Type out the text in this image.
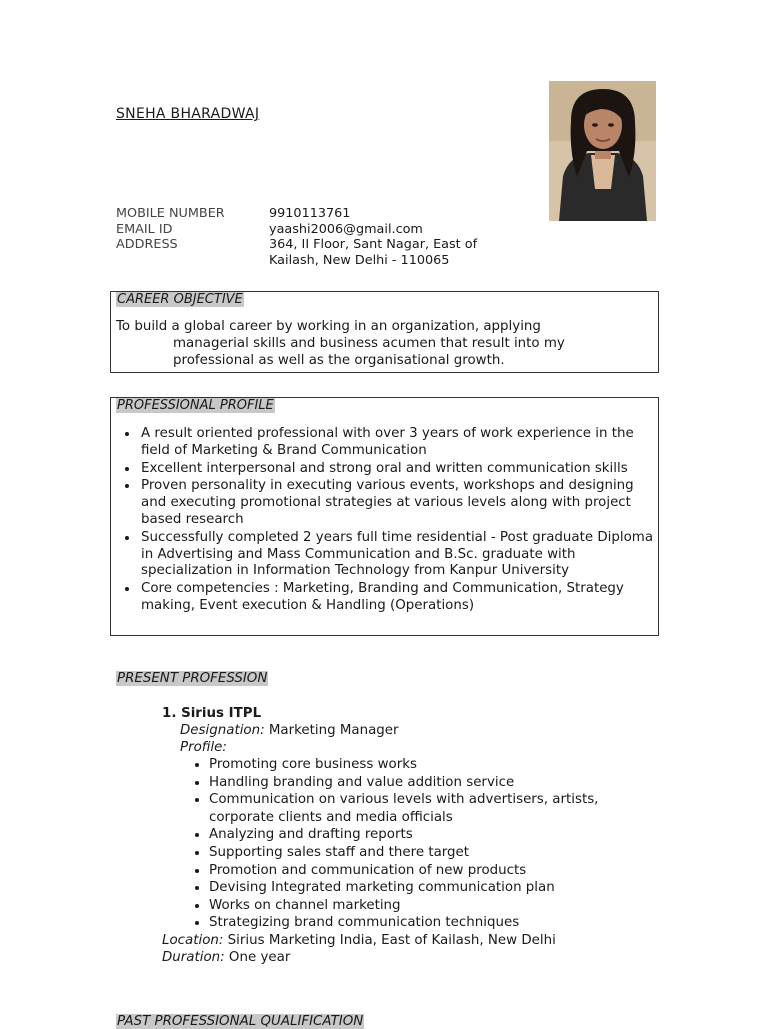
SNEHA BHARADWAJ
MOBILE NUMBER	9910113761
EMAIL ID	yaashi2006@gmail.com
ADDRESS	364, II Floor, Sant Nagar, East of
Kailash, New Delhi - 110065
CAREER OBJECTIVE
To build a global career by working in an organization, applying
managerial skills and business acumen that result into my
professional as well as the organisational growth.
PROFESSIONAL PROFILE
• A result oriented professional with over 3 years of work experience in the field of Marketing & Brand Communication
• Excellent interpersonal and strong oral and written communication skills
• Proven personality in executing various events, workshops and designing and executing promotional strategies at various levels along with project based research
• Successfully completed 2 years full time residential - Post graduate Diploma in Advertising and Mass Communication and B.Sc. graduate with specialization in Information Technology from Kanpur University
• Core competencies : Marketing, Branding and Communication, Strategy making, Event execution & Handling (Operations)
PRESENT PROFESSION
1. Sirius ITPL
Designation: Marketing Manager
Profile:
• Promoting core business works
• Handling branding and value addition service
• Communication on various levels with advertisers, artists, corporate clients and media officials
• Analyzing and drafting reports
• Supporting sales staff and there target
• Promotion and communication of new products
• Devising Integrated marketing communication plan
• Works on channel marketing
• Strategizing brand communication techniques
Location: Sirius Marketing India, East of Kailash, New Delhi
Duration: One year
PAST PROFESSIONAL QUALIFICATION
